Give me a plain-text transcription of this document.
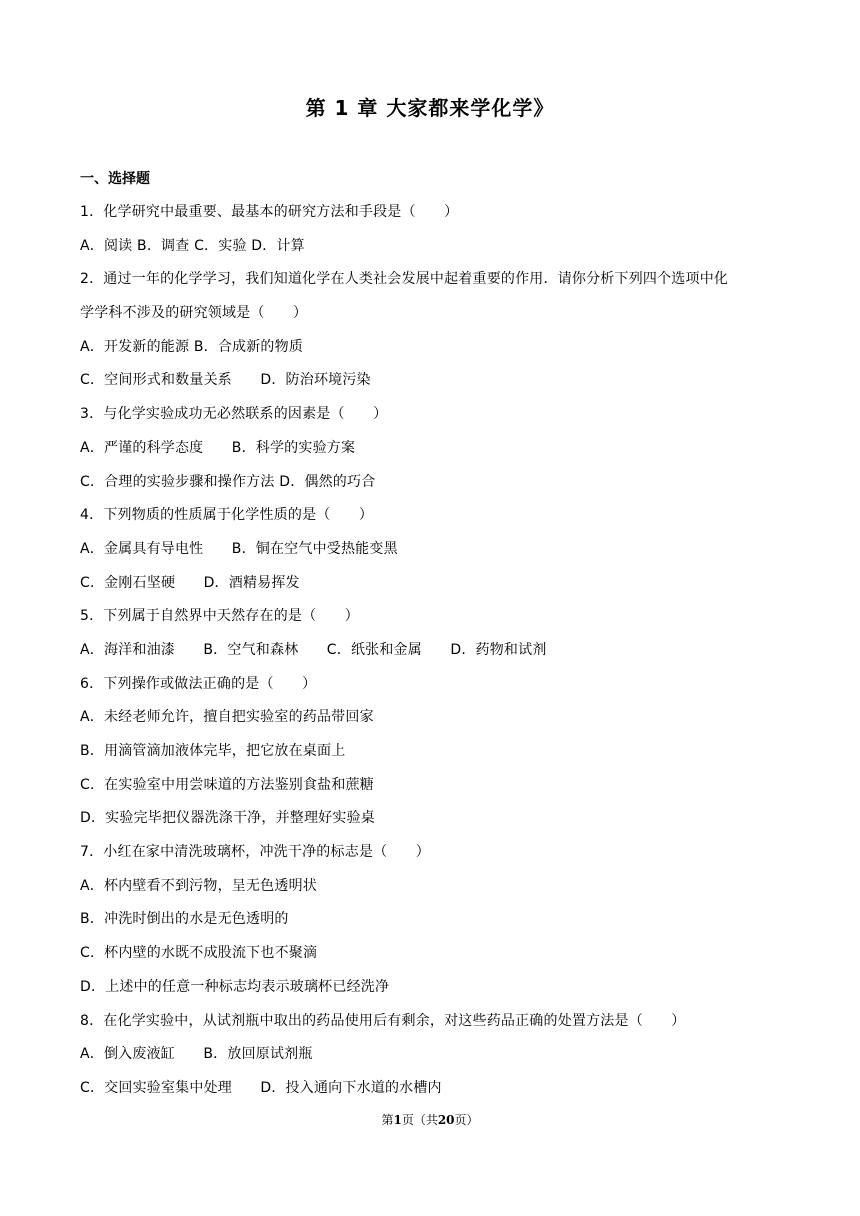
第 1 章 大家都来学化学》
一、选择题
1．化学研究中最重要、最基本的研究方法和手段是（　　）
A．阅读 B．调查 C．实验 D．计算
2．通过一年的化学学习，我们知道化学在人类社会发展中起着重要的作用．请你分析下列四个选项中化
学学科不涉及的研究领域是（　　）
A．开发新的能源 B．合成新的物质
C．空间形式和数量关系　　D．防治环境污染
3．与化学实验成功无必然联系的因素是（　　）
A．严谨的科学态度　　B．科学的实验方案
C．合理的实验步骤和操作方法 D．偶然的巧合
4．下列物质的性质属于化学性质的是（　　）
A．金属具有导电性　　B．铜在空气中受热能变黑
C．金刚石坚硬　　D．酒精易挥发
5．下列属于自然界中天然存在的是（　　）
A．海洋和油漆　　B．空气和森林　　C．纸张和金属　　D．药物和试剂
6．下列操作或做法正确的是（　　）
A．未经老师允许，擅自把实验室的药品带回家
B．用滴管滴加液体完毕，把它放在桌面上
C．在实验室中用尝味道的方法鉴别食盐和蔗糖
D．实验完毕把仪器洗涤干净，并整理好实验桌
7．小红在家中清洗玻璃杯，冲洗干净的标志是（　　）
A．杯内壁看不到污物，呈无色透明状
B．冲洗时倒出的水是无色透明的
C．杯内壁的水既不成股流下也不聚滴
D．上述中的任意一种标志均表示玻璃杯已经洗净
8．在化学实验中，从试剂瓶中取出的药品使用后有剩余，对这些药品正确的处置方法是（　　）
A．倒入废液缸　　B．放回原试剂瓶
C．交回实验室集中处理　　D．投入通向下水道的水槽内
第1页（共20页）
